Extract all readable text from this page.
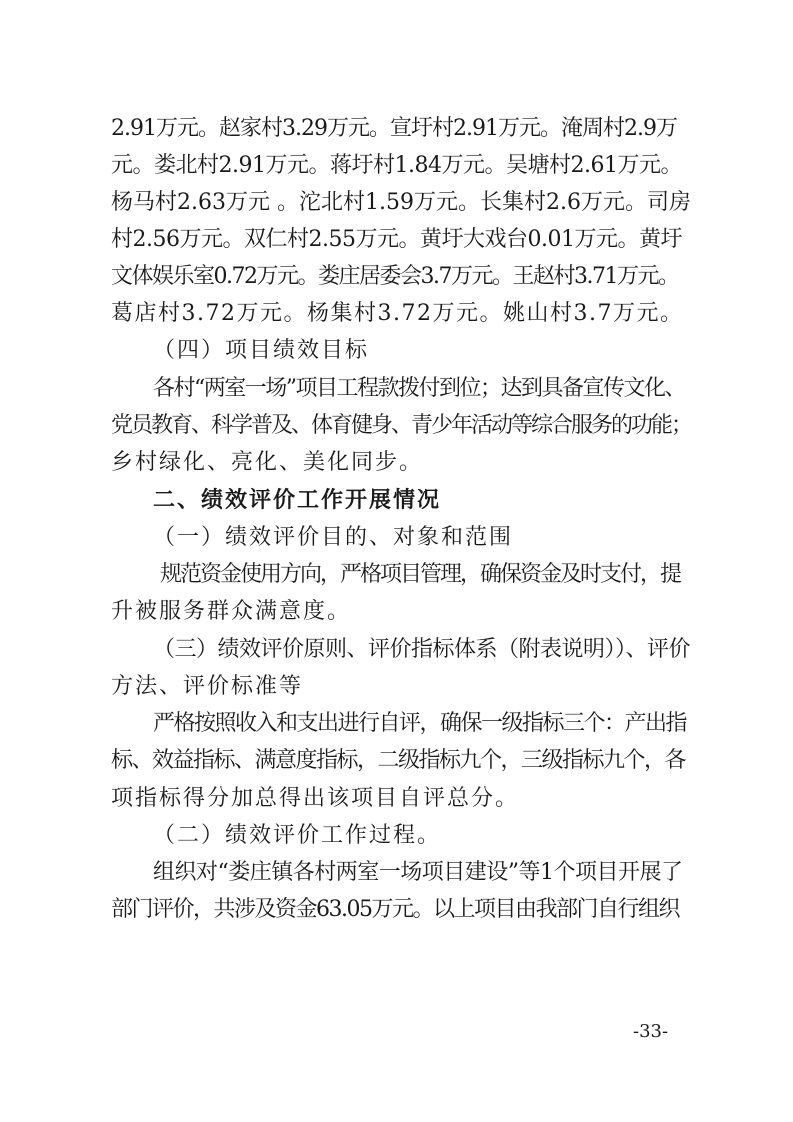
2.91万元。赵家村3.29万元。宣圩村2.91万元。淹周村2.9万
元。娄北村2.91万元。蒋圩村1.84万元。吴塘村2.61万元。
杨马村2.63万元 。沱北村1.59万元。长集村2.6万元。司房
村2.56万元。双仁村2.55万元。黄圩大戏台0.01万元。黄圩
文体娱乐室0.72万元。娄庄居委会3.7万元。王赵村3.71万元。
葛店村3.72万元。杨集村3.72万元。姚山村3.7万元。
（四）项目绩效目标
各村“两室一场”项目工程款拨付到位；达到具备宣传文化、
党员教育、科学普及、体育健身、青少年活动等综合服务的功能；
乡村绿化、亮化、美化同步。
二、绩效评价工作开展情况
（一）绩效评价目的、对象和范围
规范资金使用方向，严格项目管理，确保资金及时支付，提
升被服务群众满意度。
（三）绩效评价原则、评价指标体系（附表说明））、评价
方法、评价标准等
严格按照收入和支出进行自评，确保一级指标三个：产出指
标、效益指标、满意度指标，二级指标九个，三级指标九个，各
项指标得分加总得出该项目自评总分。
（二）绩效评价工作过程。
组织对“娄庄镇各村两室一场项目建设”等1个项目开展了
部门评价，共涉及资金63.05万元。以上项目由我部门自行组织
-33-
